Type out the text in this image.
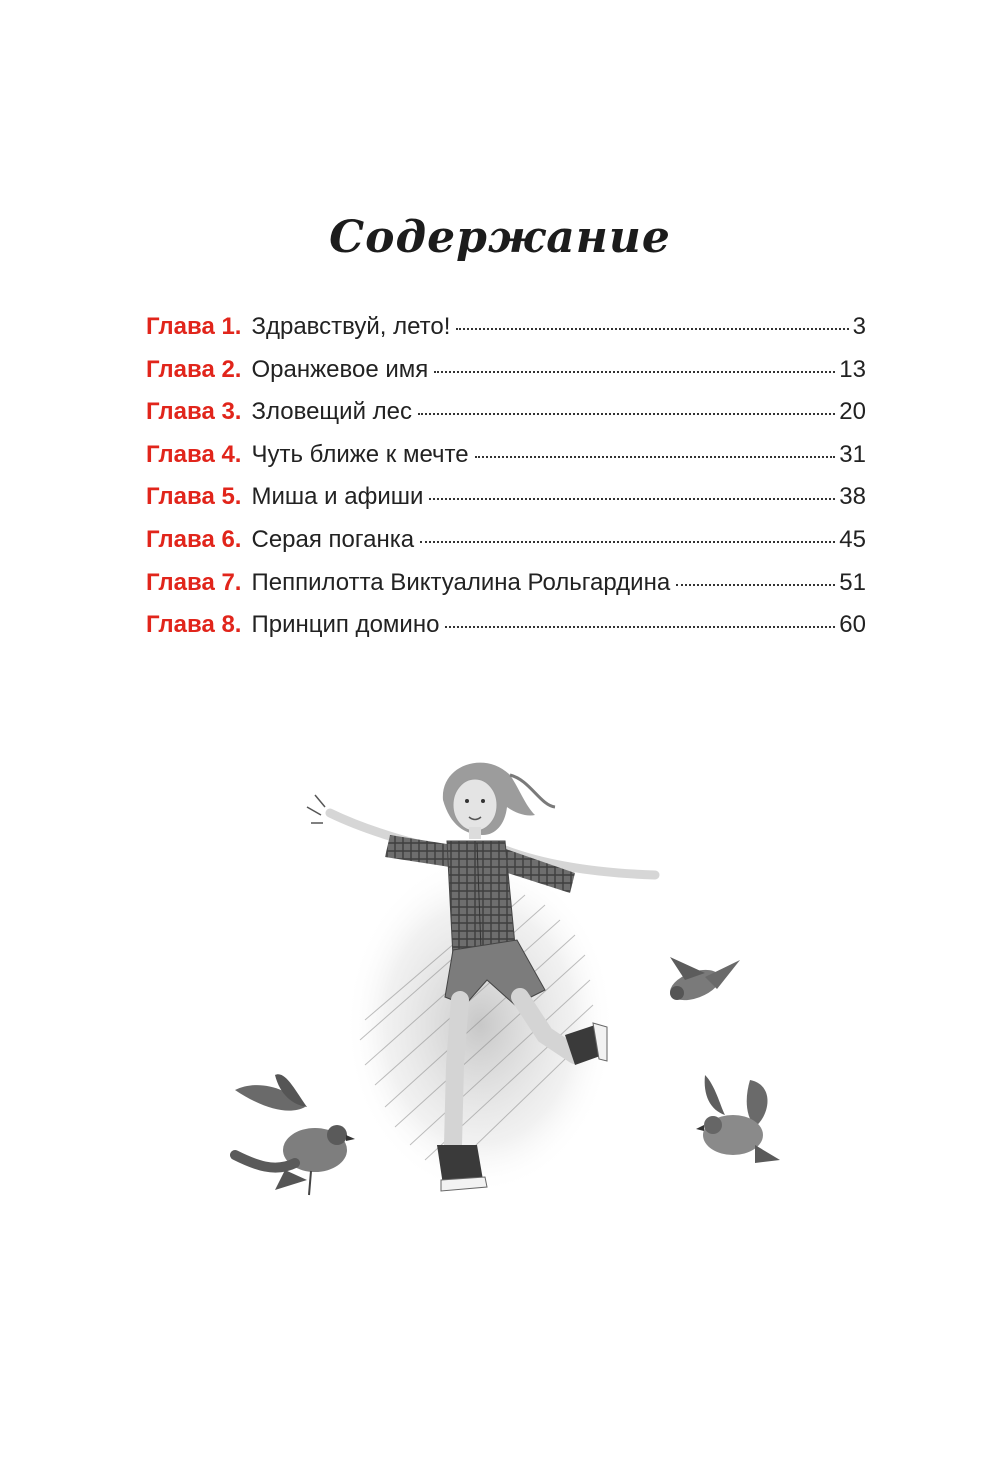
Содержание
Глава 1. Здравствуй, лето!	3
Глава 2. Оранжевое имя	13
Глава 3. Зловещий лес	20
Глава 4. Чуть ближе к мечте	31
Глава 5. Миша и афиши	38
Глава 6. Серая поганка	45
Глава 7. Пеппилотта Виктуалина Рольгардина	51
Глава 8. Принцип домино	60
